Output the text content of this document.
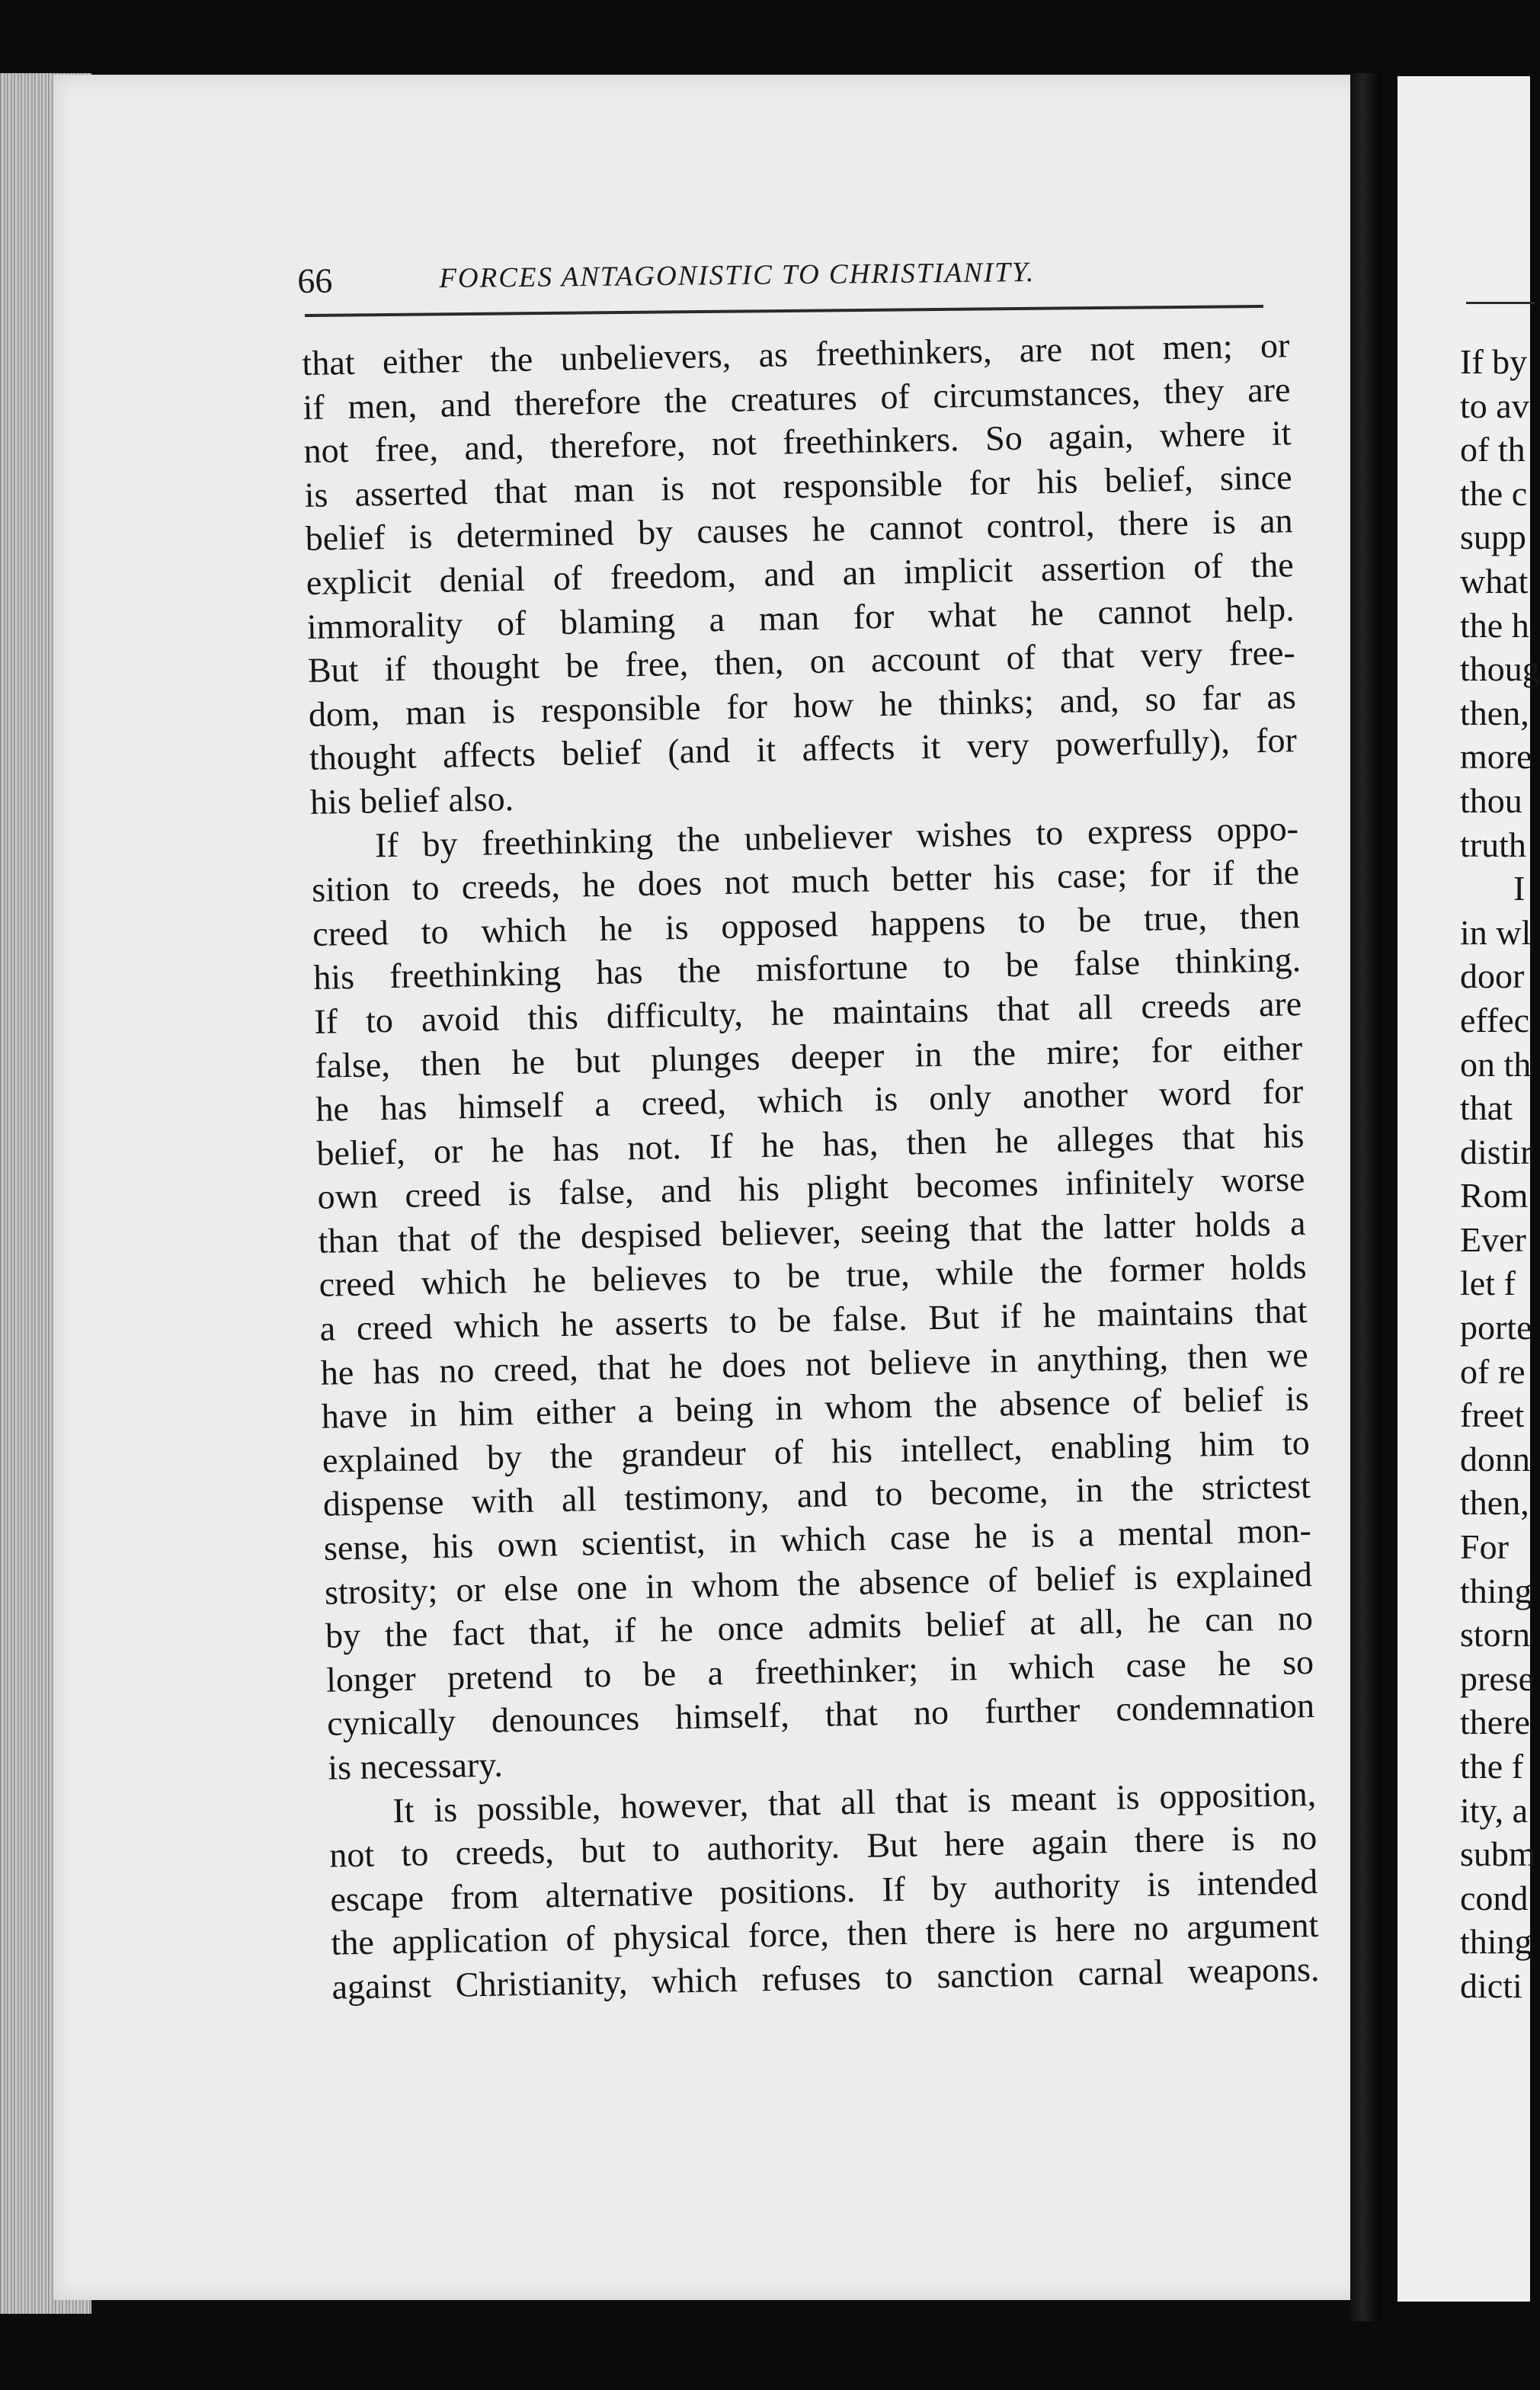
66	FORCES ANTAGONISTIC TO CHRISTIANITY.
that either the unbelievers, as freethinkers, are not men; or
if men, and therefore the creatures of circumstances, they are
not free, and, therefore, not freethinkers. So again, where it
is asserted that man is not responsible for his belief, since
belief is determined by causes he cannot control, there is an
explicit denial of freedom, and an implicit assertion of the
immorality of blaming a man for what he cannot help.
But if thought be free, then, on account of that very free-
dom, man is responsible for how he thinks; and, so far as
thought affects belief (and it affects it very powerfully), for
his belief also.
If by freethinking the unbeliever wishes to express oppo-
sition to creeds, he does not much better his case; for if the
creed to which he is opposed happens to be true, then
his freethinking has the misfortune to be false thinking.
If to avoid this difficulty, he maintains that all creeds are
false, then he but plunges deeper in the mire; for either
he has himself a creed, which is only another word for
belief, or he has not. If he has, then he alleges that his
own creed is false, and his plight becomes infinitely worse
than that of the despised believer, seeing that the latter holds a
creed which he believes to be true, while the former holds
a creed which he asserts to be false. But if he maintains that
he has no creed, that he does not believe in anything, then we
have in him either a being in whom the absence of belief is
explained by the grandeur of his intellect, enabling him to
dispense with all testimony, and to become, in the strictest
sense, his own scientist, in which case he is a mental mon-
strosity; or else one in whom the absence of belief is explained
by the fact that, if he once admits belief at all, he can no
longer pretend to be a freethinker; in which case he so
cynically denounces himself, that no further condemnation
is necessary.
It is possible, however, that all that is meant is opposition,
not to creeds, but to authority. But here again there is no
escape from alternative positions. If by authority is intended
the application of physical force, then there is here no argument
against Christianity, which refuses to sanction carnal weapons.
If by
to av
of th
the c
supp
what
the h
thoug
then,
more
thou
truth
I
in wl
door
effec
on th
that
distir
Rom
Ever
let f
porte
of re
freet
donn
then,
For
thing
storn
prese
there
the f
ity, a
subm
cond
thing
dicti
